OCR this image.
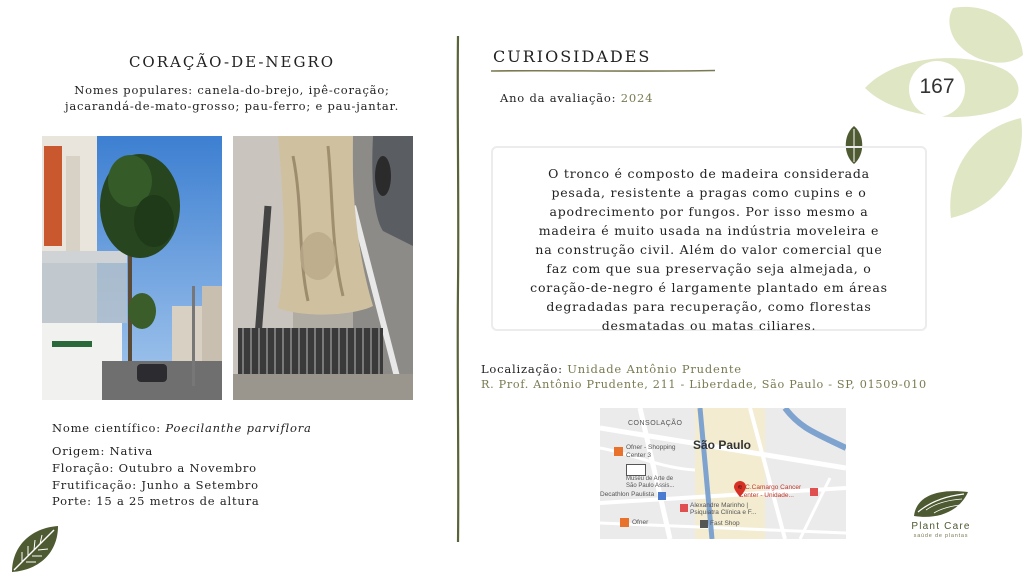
167
CORAÇÃO-DE-NEGRO
Nomes populares: canela-do-brejo, ipê-coração;
jacarandá-de-mato-grosso; pau-ferro; e pau-jantar.
Nome científico: Poecilanthe parviflora
Origem: Nativa
Floração: Outubro a Novembro
Frutificação: Junho a Setembro
Porte: 15 a 25 metros de altura
CURIOSIDADES
Ano da avaliação: 2024
O tronco é composto de madeira considerada
pesada, resistente a pragas como cupins e o
apodrecimento por fungos. Por isso mesmo a
madeira é muito usada na indústria moveleira e
na construção civil. Além do valor comercial que
faz com que sua preservação seja almejada, o
coração-de-negro é largamente plantado em áreas
degradadas para recuperação, como florestas
desmatadas ou matas ciliares.
Localização: Unidade Antônio Prudente
R. Prof. Antônio Prudente, 211 - Liberdade, São Paulo - SP, 01509-010
CONSOLAÇÃO
São Paulo
Ofner - Shopping
Center 3
Museu de Arte de
São Paulo Assis...
Decathlon Paulista
Alexandre Marinho |
Psiquiatra Clínica e F...
Ofner	Fast Shop
A.C.Camargo Cancer
Center - Unidade...
Plant Care
saúde de plantas
